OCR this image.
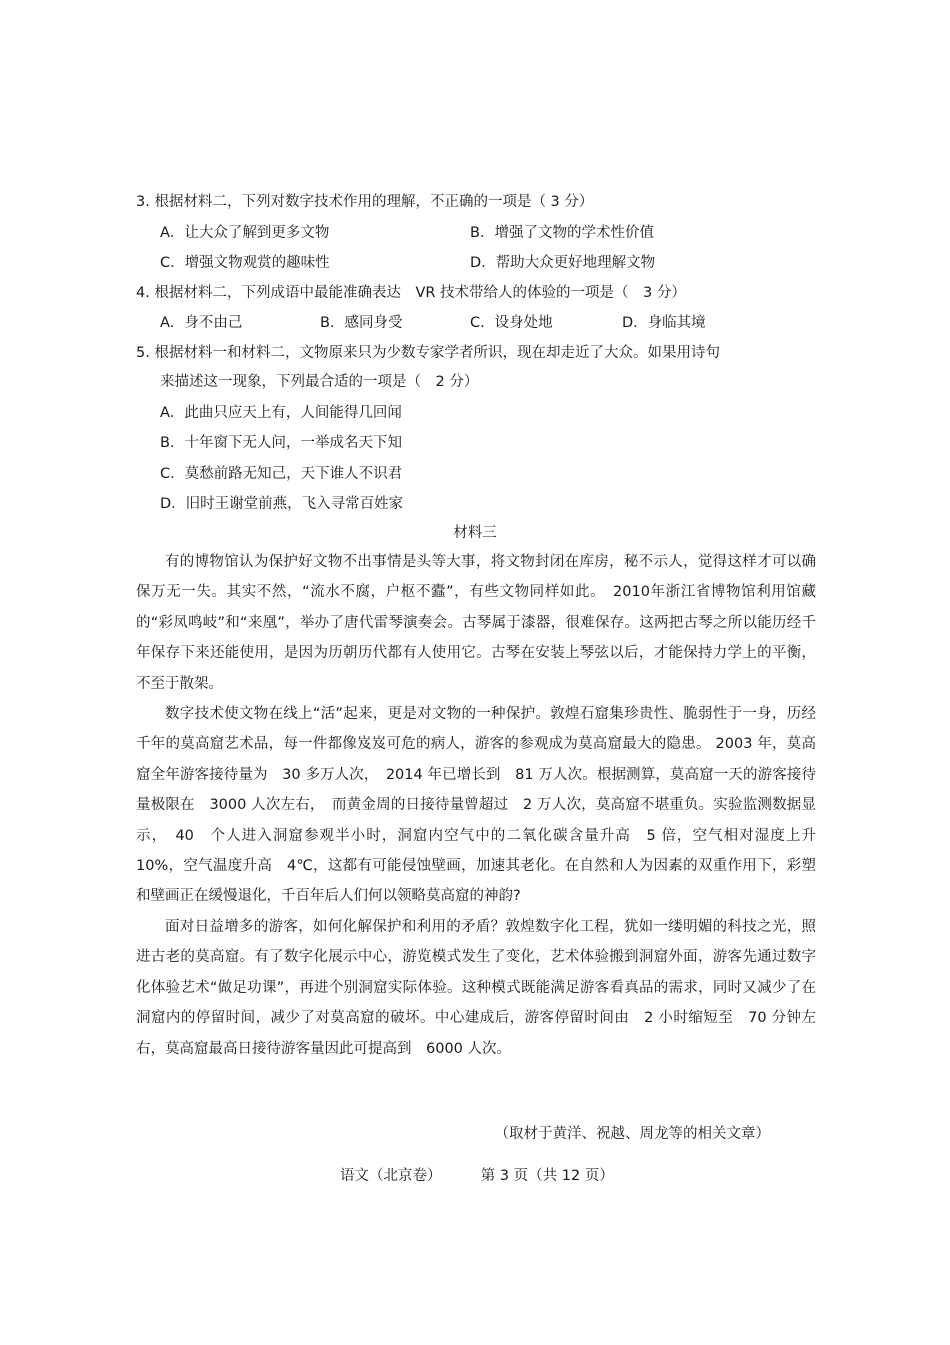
3. 根据材料二，下列对数字技术作用的理解，不正确的一项是（ 3 分）
A．让大众了解到更多文物	B．增强了文物的学术性价值
C．增强文物观赏的趣味性	D．帮助大众更好地理解文物
4. 根据材料二，下列成语中最能准确表达　VR 技术带给人的体验的一项是（　3 分）
A．身不由己	B．感同身受	C．设身处地	D．身临其境
5. 根据材料一和材料二，文物原来只为少数专家学者所识，现在却走近了大众。如果用诗句
来描述这一现象，下列最合适的一项是（　2 分）
A．此曲只应天上有，人间能得几回闻
B．十年窗下无人问，一举成名天下知
C．莫愁前路无知己，天下谁人不识君
D．旧时王谢堂前燕，飞入寻常百姓家
材料三

有的博物馆认为保护好文物不出事情是头等大事，将文物封闭在库房，秘不示人，觉得这样才可以确保万无一失。其实不然，“流水不腐，户枢不蠹”，有些文物同样如此。　2010年浙江省博物馆利用馆藏的“彩凤鸣岐”和“来凰”，举办了唐代雷琴演奏会。古琴属于漆器，很难保存。这两把古琴之所以能历经千年保存下来还能使用，是因为历朝历代都有人使用它。古琴在安装上琴弦以后，才能保持力学上的平衡，不至于散架。

数字技术使文物在线上“活”起来，更是对文物的一种保护。敦煌石窟集珍贵性、脆弱性于一身，历经千年的莫高窟艺术品，每一件都像岌岌可危的病人，游客的参观成为莫高窟最大的隐患。 2003 年，莫高窟全年游客接待量为　30 多万人次，　2014 年已增长到　81 万人次。根据测算，莫高窟一天的游客接待量极限在　3000 人次左右，　而黄金周的日接待量曾超过　2 万人次，莫高窟不堪重负。实验监测数据显示，　40　个人进入洞窟参观半小时，洞窟内空气中的二氧化碳含量升高　5 倍，空气相对湿度上升　10%，空气温度升高　4℃，这都有可能侵蚀壁画，加速其老化。在自然和人为因素的双重作用下，彩塑和壁画正在缓慢退化，千百年后人们何以领略莫高窟的神韵?

面对日益增多的游客，如何化解保护和利用的矛盾？敦煌数字化工程，犹如一缕明媚的科技之光，照进古老的莫高窟。有了数字化展示中心，游览模式发生了变化，艺术体验搬到洞窟外面，游客先通过数字化体验艺术“做足功课”，再进个别洞窟实际体验。这种模式既能满足游客看真品的需求，同时又减少了在洞窟内的停留时间，减少了对莫高窟的破坏。中心建成后，游客停留时间由　2 小时缩短至　70 分钟左右，莫高窟最高日接待游客量因此可提高到　6000 人次。

（取材于黄洋、祝越、周龙等的相关文章）
语文（北京卷）	第 3 页（共 12 页）
